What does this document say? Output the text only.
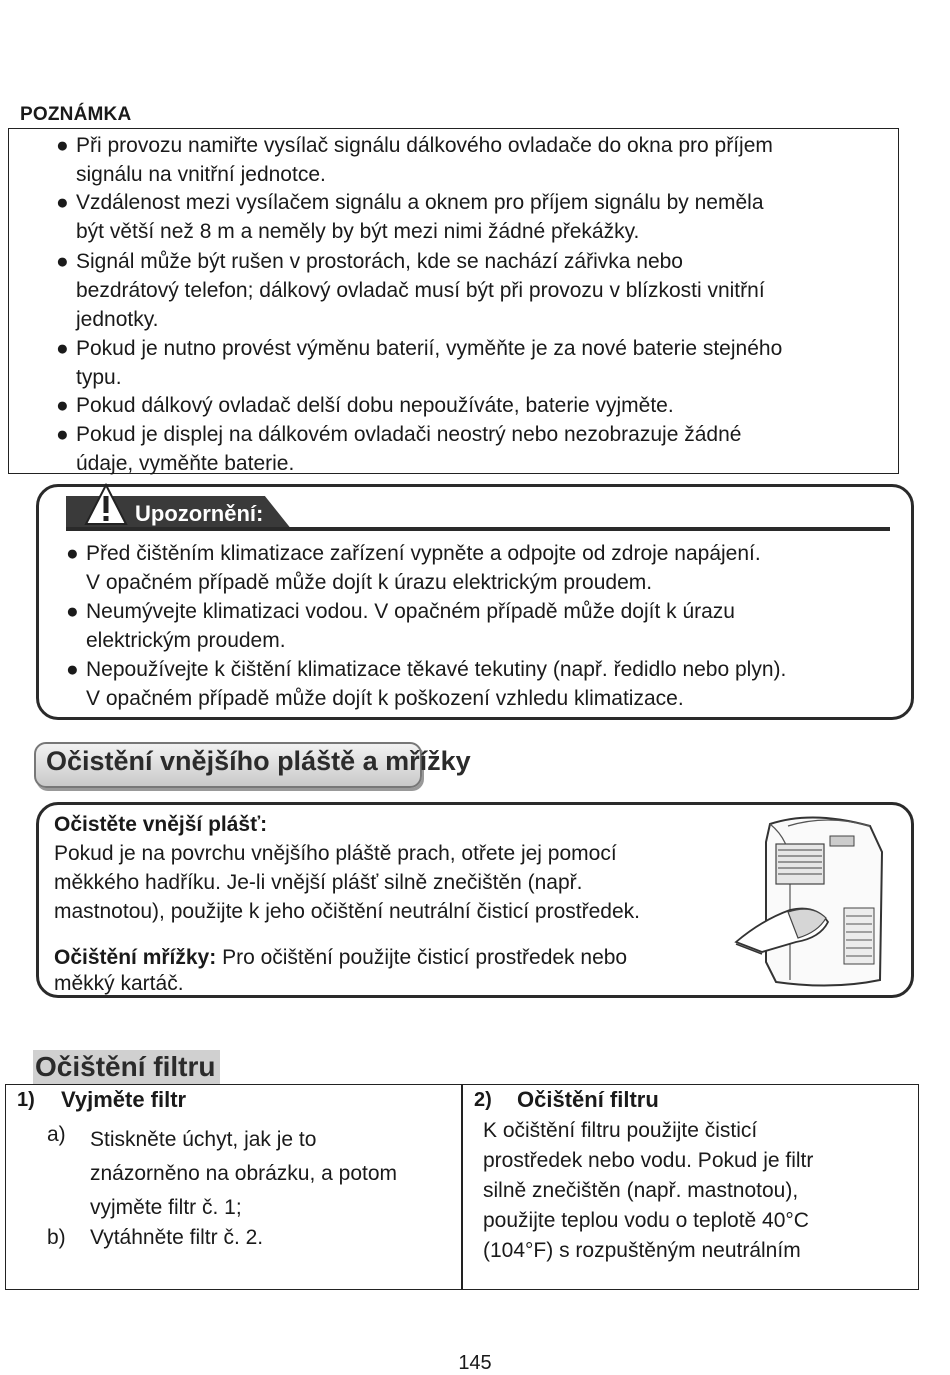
POZNÁMKA
● Při provozu namiřte vysílač signálu dálkového ovladače do okna pro příjem
signálu na vnitřní jednotce.
● Vzdálenost mezi vysílačem signálu a oknem pro příjem signálu by neměla
být větší než 8 m a neměly by být mezi nimi žádné překážky.
● Signál může být rušen v prostorách, kde se nachází zářivka nebo
bezdrátový telefon; dálkový ovladač musí být při provozu v blízkosti vnitřní
jednotky.
● Pokud je nutno provést výměnu baterií, vyměňte je za nové baterie stejného
typu.
● Pokud dálkový ovladač delší dobu nepoužíváte, baterie vyjměte.
● Pokud je displej na dálkovém ovladači neostrý nebo nezobrazuje žádné
údaje, vyměňte baterie.
Upozornění:
● Před čištěním klimatizace zařízení vypněte a odpojte od zdroje napájení.
V opačném případě může dojít k úrazu elektrickým proudem.
● Neumývejte klimatizaci vodou. V opačném případě může dojít k úrazu
elektrickým proudem.
● Nepoužívejte k čištění klimatizace těkavé tekutiny (např. ředidlo nebo plyn).
V opačném případě může dojít k poškození vzhledu klimatizace.
Očistění vnějšího pláště a mřížky
Očistěte vnější plášť:
Pokud je na povrchu vnějšího pláště prach, otřete jej pomocí
měkkého hadříku. Je-li vnější plášť silně znečištěn (např.
mastnotou), použijte k jeho očištění neutrální čisticí prostředek.
Očištění mřížky: Pro očištění použijte čisticí prostředek nebo
měkký kartáč.
Očištění filtru
1) Vyjměte filtr
a) Stiskněte úchyt, jak je to
znázorněno na obrázku, a potom
vyjměte filtr č. 1;
b) Vytáhněte filtr č. 2.
2) Očištění filtru
K očištění filtru použijte čisticí
prostředek nebo vodu. Pokud je filtr
silně znečištěn (např. mastnotou),
použijte teplou vodu o teplotě 40°C
(104°F) s rozpuštěným neutrálním
145
